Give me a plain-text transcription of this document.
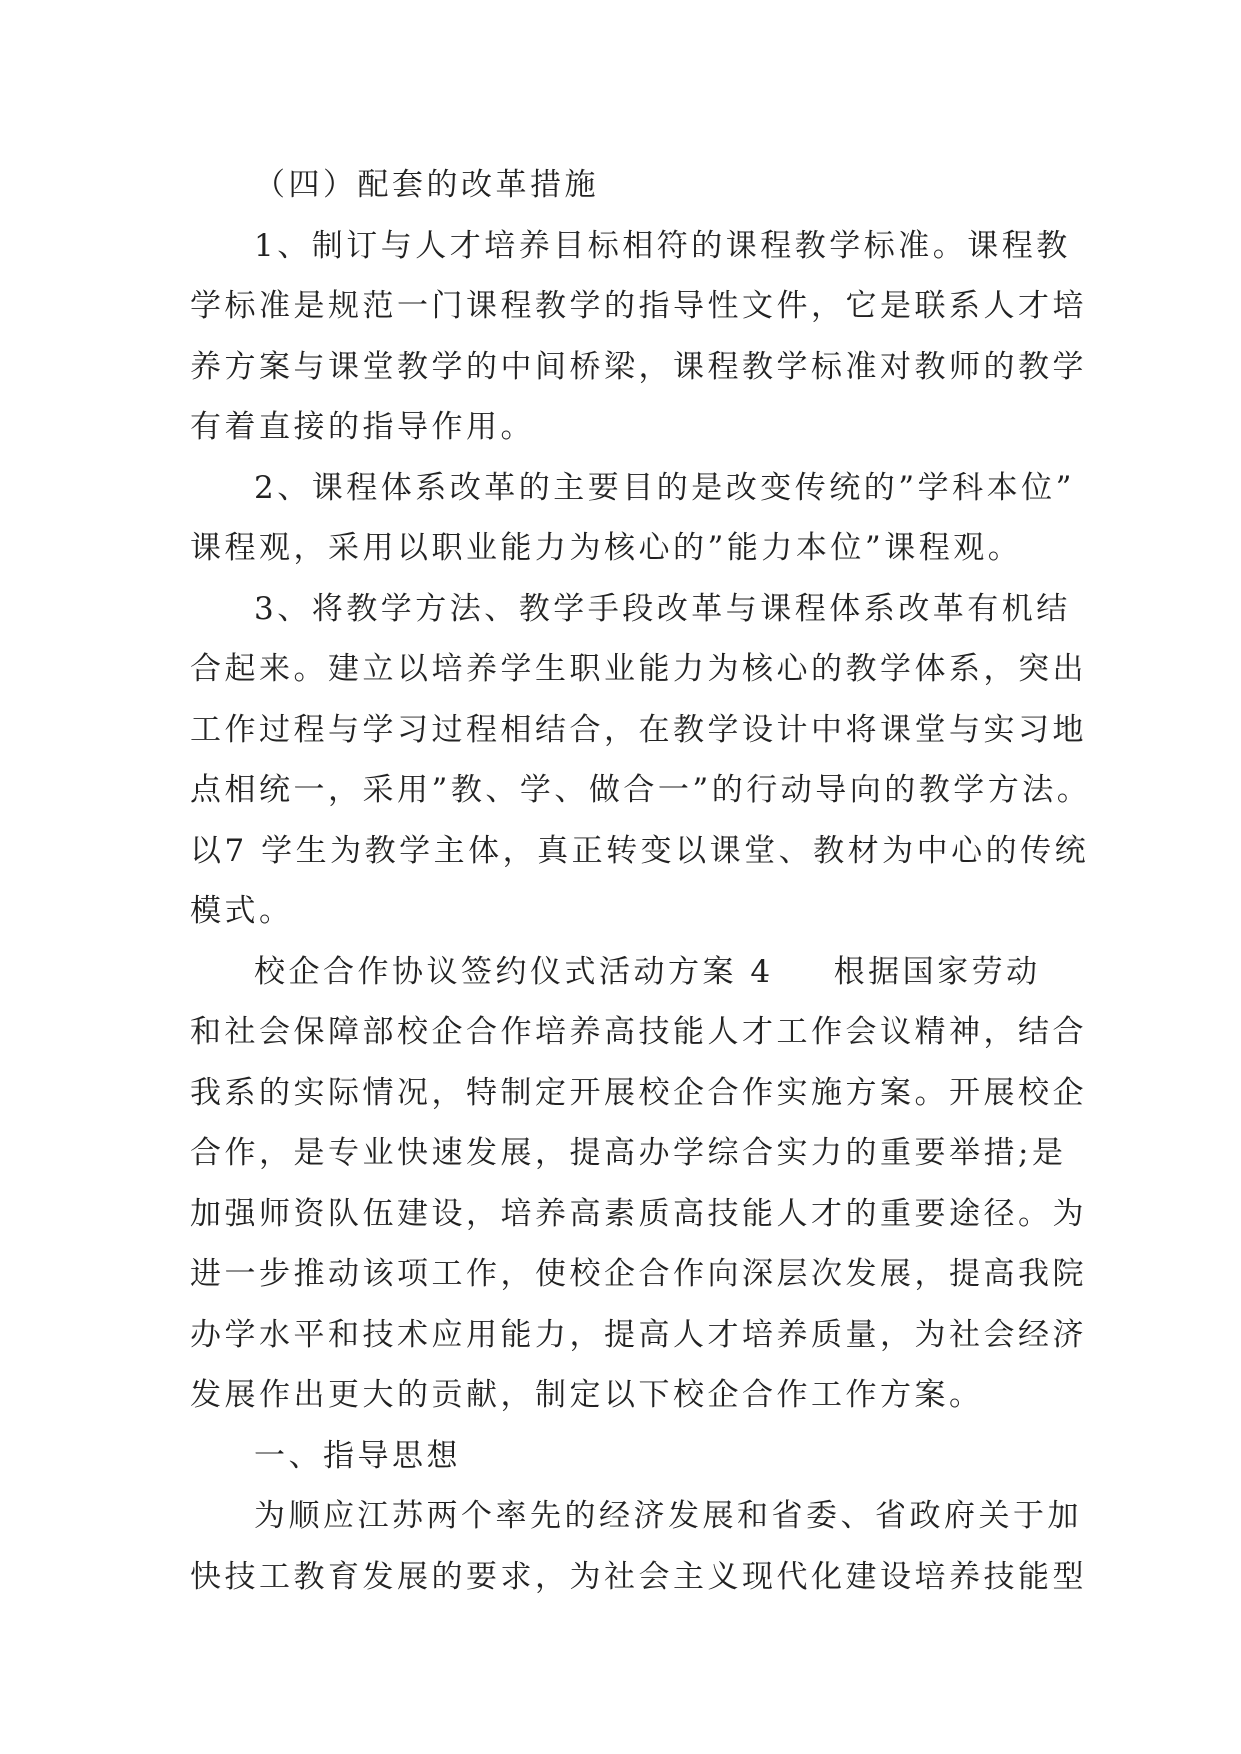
（四）配套的改革措施
1、制订与人才培养目标相符的课程教学标准。课程教
学标准是规范一门课程教学的指导性文件，它是联系人才培
养方案与课堂教学的中间桥梁，课程教学标准对教师的教学
有着直接的指导作用。
2、课程体系改革的主要目的是改变传统的”学科本位”
课程观，采用以职业能力为核心的”能力本位”课程观。
3、将教学方法、教学手段改革与课程体系改革有机结
合起来。建立以培养学生职业能力为核心的教学体系，突出
工作过程与学习过程相结合，在教学设计中将课堂与实习地
点相统一，采用”教、学、做合一”的行动导向的教学方法。
以7 学生为教学主体，真正转变以课堂、教材为中心的传统
模式。
校企合作协议签约仪式活动方案 4 根据国家劳动
和社会保障部校企合作培养高技能人才工作会议精神，结合
我系的实际情况，特制定开展校企合作实施方案。开展校企
合作，是专业快速发展，提高办学综合实力的重要举措;是
加强师资队伍建设，培养高素质高技能人才的重要途径。为
进一步推动该项工作，使校企合作向深层次发展，提高我院
办学水平和技术应用能力，提高人才培养质量，为社会经济
发展作出更大的贡献，制定以下校企合作工作方案。
一、指导思想
为顺应江苏两个率先的经济发展和省委、省政府关于加
快技工教育发展的要求，为社会主义现代化建设培养技能型
